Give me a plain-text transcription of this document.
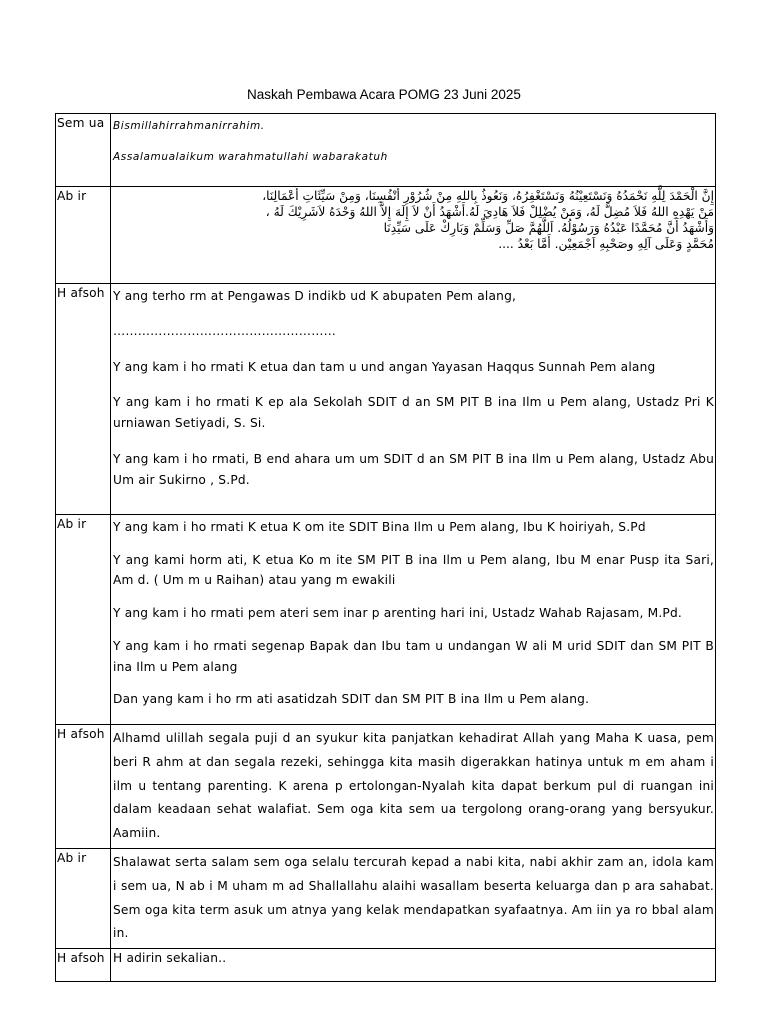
Naskah Pembawa Acara POMG 23 Juni 2025
Sem ua	Bismillahirrahmanirrahim.

Assalamualaikum warahmatullahi wabarakatuh

Ab ir	إِنَّ الْحَمْدَ لِلَّهِ نَحْمَدُهُ وَنَسْتَعِيْنُهُ وَنَسْتَغْفِرُهُ، وَنَعُوذُ بِاللهِ مِنْ شُرُوْرِ أَنْفُسِنَا، وَمِنْ سَيِّئَاتِ أَعْمَالِنَا،

مَنْ يَهْدِهِ اللهُ فَلاَ مُضِلَّ لَهُ، وَمَنْ يُضْلِلْ فَلاَ هَادِيَ لَهُ.أَشْهَدُ أَنْ لاَ إِلَهَ إِلاَّ اللهُ وَحْدَهُ لاَشَرِيْكَ لَهُ ،

وَأَشْهَدُ أَنَّ مُحَمَّدًا عَبْدُهُ وَرَسُوْلُهُ. اَللَّهُمَّ صَلِّ وَسَلِّمْ وَبَارِكْ عَلَى سَيِّدِنَا

مُحَمَّدٍ وَعَلَى آلِهِ وصَحْبِهِ اَجْمَعِيْن. أَمَّا بَعْدُ ....

H afsoh	Y ang terho rm at Pengawas D indikb ud K abupaten Pem alang,

………………………………………………

Y ang kam i ho rmati K etua dan tam u und angan Yayasan Haqqus Sunnah Pem alang

Y ang kam i ho rmati K ep ala Sekolah SDIT d an SM PIT B ina Ilm u Pem alang, Ustadz Pri K urniawan Setiyadi, S. Si.

Y ang kam i ho rmati, B end ahara um um SDIT d an SM PIT B ina Ilm u Pem alang, Ustadz Abu Um air Sukirno , S.Pd.

Ab ir	Y ang kam i ho rmati K etua K om ite SDIT Bina Ilm u Pem alang, Ibu K hoiriyah, S.Pd

Y ang kami horm ati, K etua Ko m ite SM PIT B ina Ilm u Pem alang, Ibu M enar Pusp ita Sari, Am d. ( Um m u Raihan) atau yang m ewakili

Y ang kam i ho rmati pem ateri sem inar p arenting hari ini, Ustadz Wahab Rajasam, M.Pd.

Y ang kam i ho rmati segenap Bapak dan Ibu tam u undangan W ali M urid SDIT dan SM PIT B ina Ilm u Pem alang

Dan yang kam i ho rm ati asatidzah SDIT dan SM PIT B ina Ilm u Pem alang.

H afsoh	Alhamd ulillah segala puji d an syukur kita panjatkan kehadirat Allah yang Maha K uasa, pem beri R ahm at dan segala rezeki, sehingga kita masih digerakkan hatinya untuk m em aham i ilm u tentang parenting. K arena p ertolongan-Nyalah kita dapat berkum pul di ruangan ini dalam keadaan sehat walafiat. Sem oga kita sem ua tergolong orang-orang yang bersyukur. Aamiin.

Ab ir	Shalawat serta salam sem oga selalu tercurah kepad a nabi kita, nabi akhir zam an, idola kam i sem ua, N ab i M uham m ad Shallallahu alaihi wasallam beserta keluarga dan p ara sahabat. Sem oga kita term asuk um atnya yang kelak mendapatkan syafaatnya. Am iin ya ro bbal alam in.

H afsoh	H adirin sekalian..
